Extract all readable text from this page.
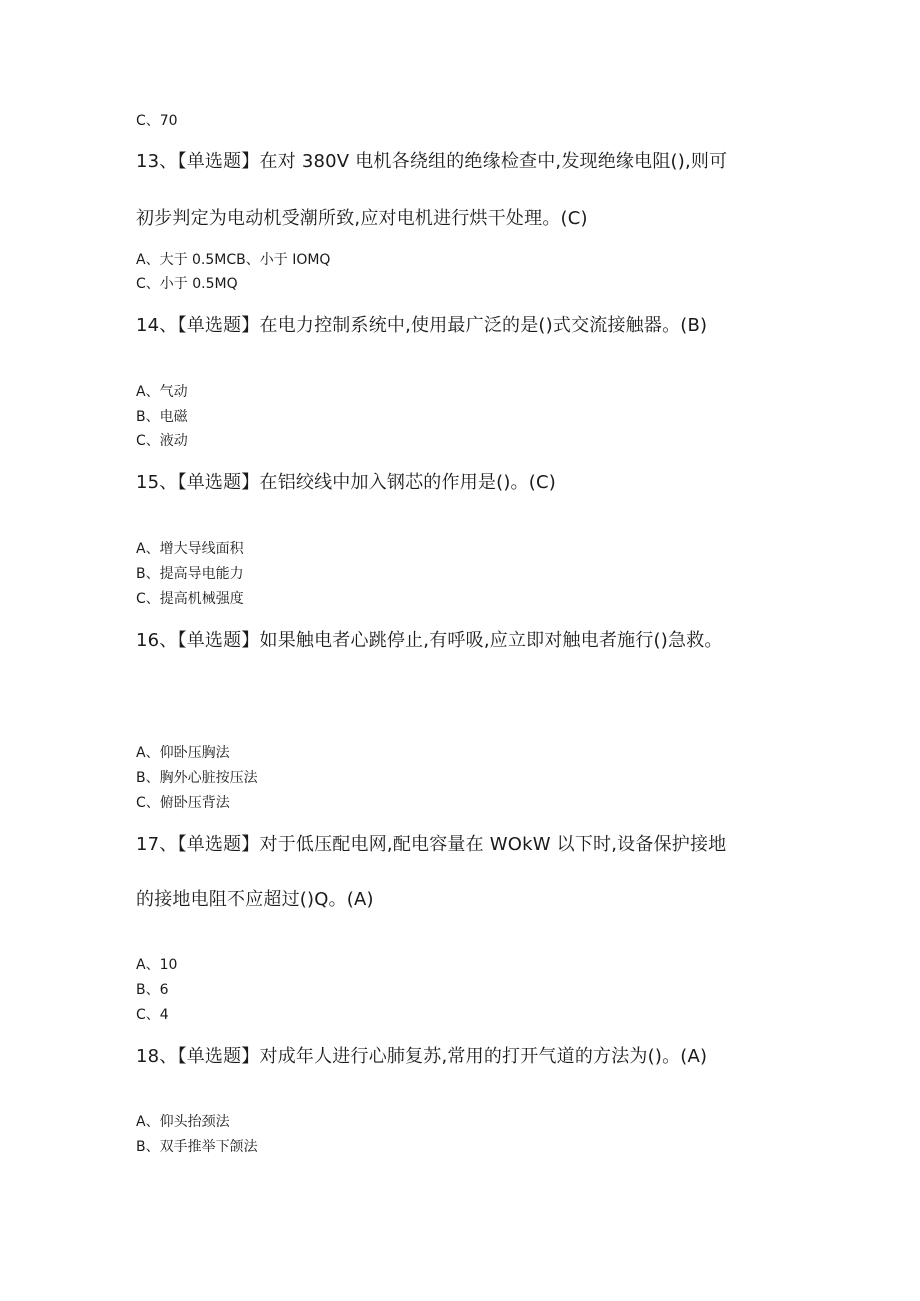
C、70
13、【单选题】在对 380V 电机各绕组的绝缘检查中,发现绝缘电阻(),则可
初步判定为电动机受潮所致,应对电机进行烘干处理。(C)
A、大于 0.5MCB、小于 IOMQ
C、小于 0.5MQ
14、【单选题】在电力控制系统中,使用最广泛的是()式交流接触器。(B)
A、气动
B、电磁
C、液动
15、【单选题】在铝绞线中加入钢芯的作用是()。(C)
A、增大导线面积
B、提高导电能力
C、提高机械强度
16、【单选题】如果触电者心跳停止,有呼吸,应立即对触电者施行()急救。
A、仰卧压胸法
B、胸外心脏按压法
C、俯卧压背法
17、【单选题】对于低压配电网,配电容量在 WOkW 以下时,设备保护接地
的接地电阻不应超过()Q。(A)
A、10
B、6
C、4
18、【单选题】对成年人进行心肺复苏,常用的打开气道的方法为()。(A)
A、仰头抬颈法
B、双手推举下颌法
